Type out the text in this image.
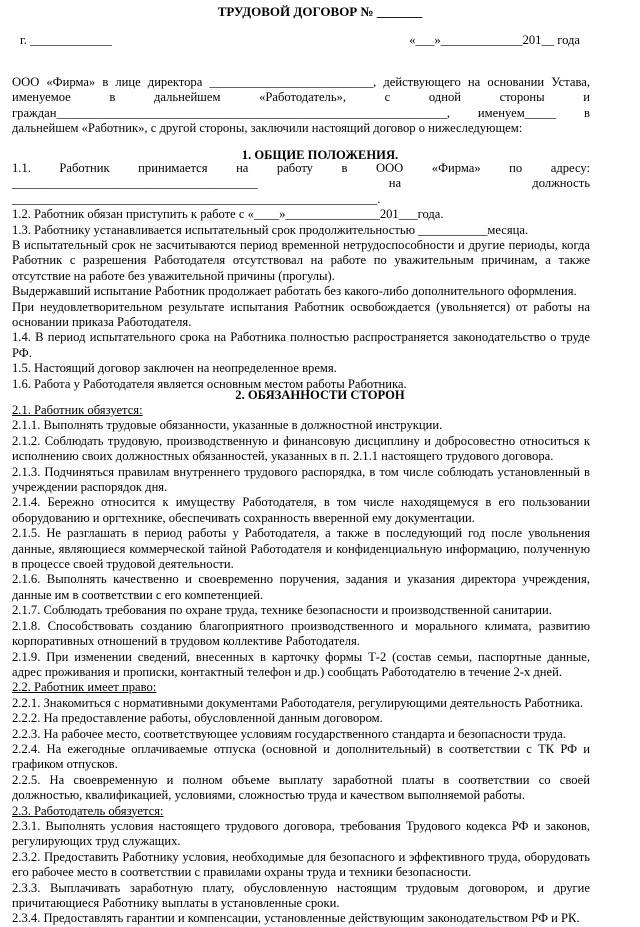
ТРУДОВОЙ ДОГОВОР № _______
г. _____________	«___»_____________201__ года

ООО «Фирма» в лице директора __________________________, действующего на основании Устава, именуемое в дальнейшем «Работодатель», с одной стороны и граждан______________________________________________________________, именуем_____ в дальнейшем «Работник», с другой стороны, заключили настоящий договор о нижеследующем:

1. ОБЩИЕ ПОЛОЖЕНИЯ.

1.1. Работник принимается на работу в ООО «Фирма» по адресу: _______________________________________ на должность __________________________________________________________.

1.2. Работник обязан приступить к работе с «____»_______________201___года.

1.3. Работнику устанавливается испытательный срок продолжительностью ___________месяца.

В испытательный срок не засчитываются период временной нетрудоспособности и другие периоды, когда Работник с разрешения Работодателя отсутствовал на работе по уважительным причинам, а также отсутствие на работе без уважительной причины (прогулы).

Выдержавший испытание Работник продолжает работать без какого-либо дополнительного оформления.

При неудовлетворительном результате испытания Работник освобождается (увольняется) от работы на основании приказа Работодателя.

1.4. В период испытательного срока на Работника полностью распространяется законодательство о труде РФ.

1.5. Настоящий договор заключен на неопределенное время.

1.6. Работа у Работодателя является основным местом работы Работника.

2. ОБЯЗАННОСТИ СТОРОН

2.1. Работник обязуется:

2.1.1. Выполнять трудовые обязанности, указанные в должностной инструкции.

2.1.2. Соблюдать трудовую, производственную и финансовую дисциплину и добросовестно относиться к исполнению своих должностных обязанностей, указанных в п. 2.1.1 настоящего трудового договора.

2.1.3. Подчиняться правилам внутреннего трудового распорядка, в том числе соблюдать установленный в учреждении распорядок дня.

2.1.4. Бережно относится к имуществу Работодателя, в том числе находящемуся в его пользовании оборудованию и оргтехнике, обеспечивать сохранность вверенной ему документации.

2.1.5. Не разглашать в период работы у Работодателя, а также в последующий год после увольнения данные, являющиеся коммерческой тайной Работодателя и конфиденциальную информацию, полученную в процессе своей трудовой деятельности.

2.1.6. Выполнять качественно и своевременно поручения, задания и указания директора учреждения, данные им в соответствии с его компетенцией.

2.1.7. Соблюдать требования по охране труда, технике безопасности и производственной санитарии.

2.1.8. Способствовать созданию благоприятного производственного и морального климата, развитию корпоративных отношений в трудовом коллективе Работодателя.

2.1.9. При изменении сведений, внесенных в карточку формы Т-2 (состав семьи, паспортные данные, адрес проживания и прописки, контактный телефон и др.) сообщать Работодателю в течение 2-х дней.

2.2. Работник имеет право:

2.2.1. Знакомиться с нормативными документами Работодателя, регулирующими деятельность Работника.

2.2.2. На предоставление работы, обусловленной данным договором.

2.2.3. На рабочее место, соответствующее условиям государственного стандарта и безопасности труда.

2.2.4. На ежегодные оплачиваемые отпуска (основной и дополнительный) в соответствии с ТК РФ и графиком отпусков.

2.2.5. На своевременную и полном объеме выплату заработной платы в соответствии со своей должностью, квалификацией, условиями, сложностью труда и качеством выполняемой работы.

2.3. Работодатель обязуется:

2.3.1. Выполнять условия настоящего трудового договора, требования Трудового кодекса РФ и законов, регулирующих труд служащих.

2.3.2. Предоставить Работнику условия, необходимые для безопасного и эффективного труда, оборудовать его рабочее место в соответствии с правилами охраны труда и техники безопасности.

2.3.3. Выплачивать заработную плату, обусловленную настоящим трудовым договором, и другие причитающиеся Работнику выплаты в установленные сроки.

2.3.4. Предоставлять гарантии и компенсации, установленные действующим законодательством РФ и РК.
